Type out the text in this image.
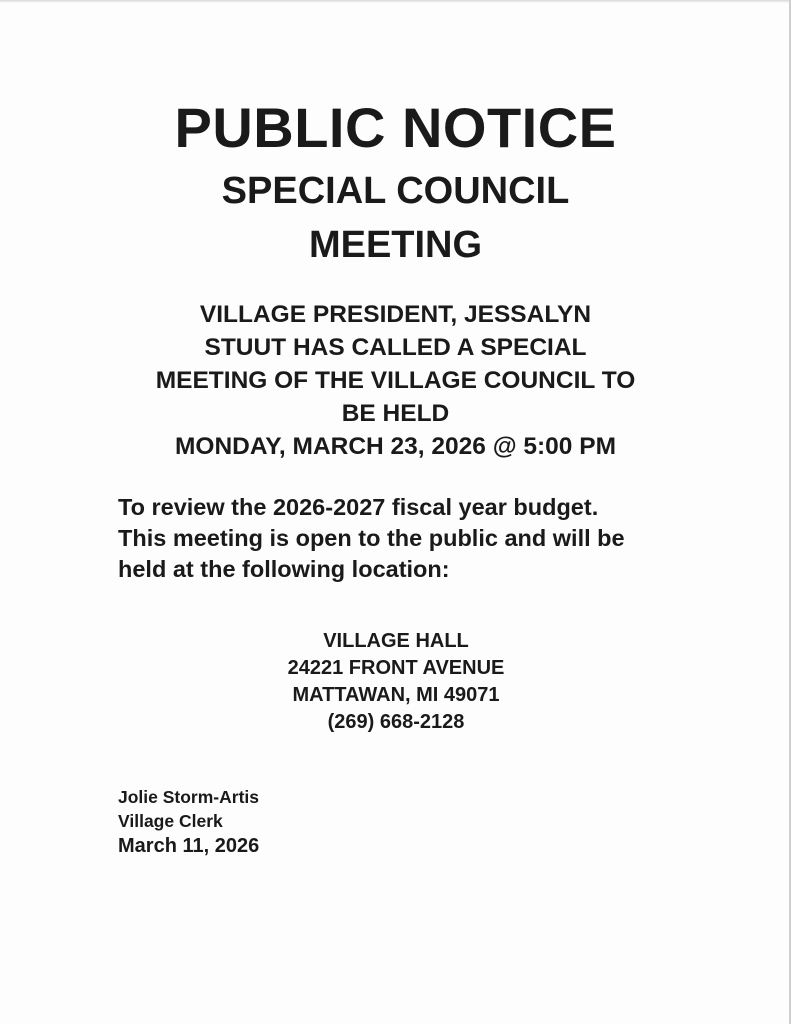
PUBLIC NOTICE
SPECIAL COUNCIL
MEETING
VILLAGE PRESIDENT, JESSALYN
STUUT HAS CALLED A SPECIAL
MEETING OF THE VILLAGE COUNCIL TO
BE HELD
MONDAY, MARCH 23, 2026 @ 5:00 PM
To review the 2026-2027 fiscal year budget.
This meeting is open to the public and will be
held at the following location:
VILLAGE HALL
24221 FRONT AVENUE
MATTAWAN, MI 49071
(269) 668-2128
Jolie Storm-Artis
Village Clerk
March 11, 2026
